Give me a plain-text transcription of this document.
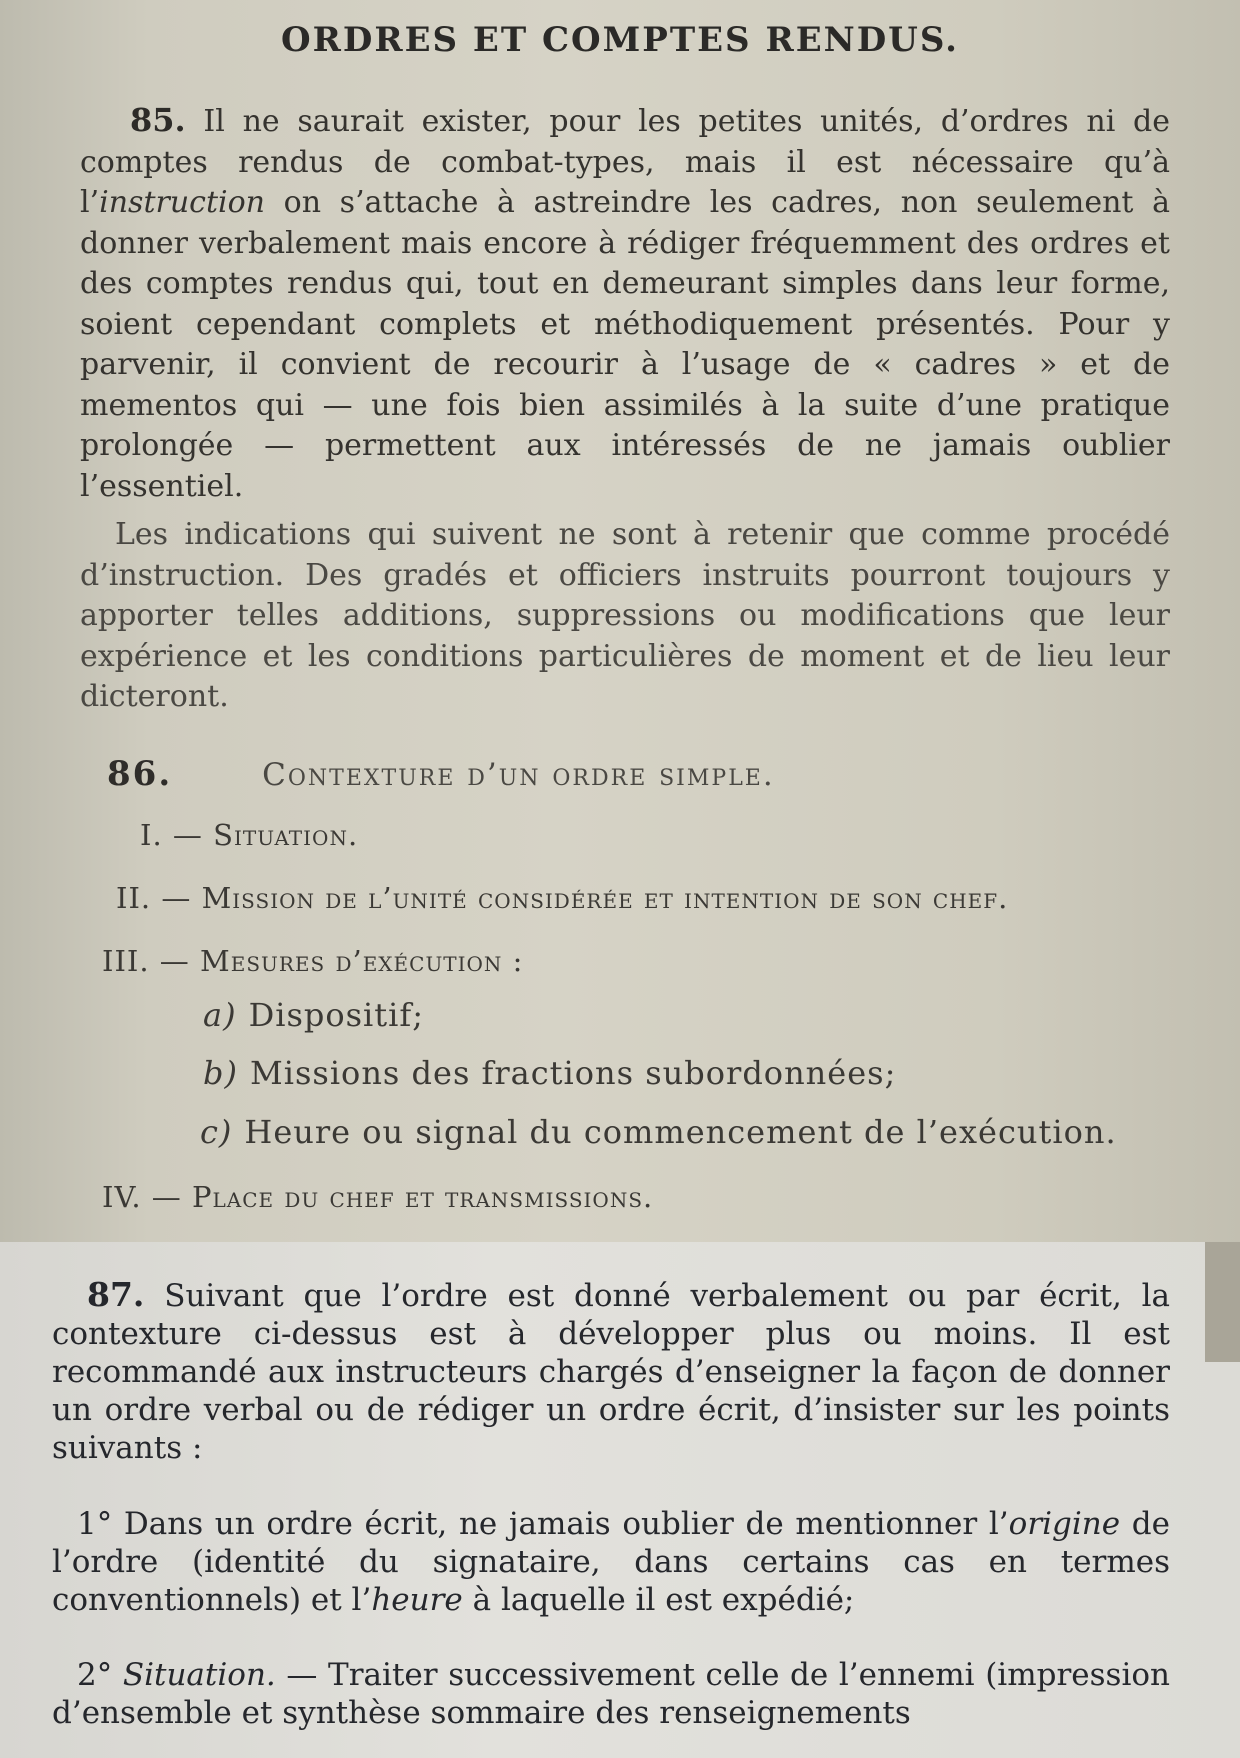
ORDRES ET COMPTES RENDUS.

85. Il ne saurait exister, pour les petites unités, d’ordres ni de comptes rendus de combat-types, mais il est nécessaire qu’à l’instruction on s’attache à astreindre les cadres, non seulement à donner verbalement mais encore à rédiger fréquemment des ordres et des comptes rendus qui, tout en demeurant simples dans leur forme, soient cependant complets et méthodiquement présentés. Pour y parvenir, il convient de recourir à l’usage de « cadres » et de mementos qui — une fois bien assimilés à la suite d’une pratique prolongée — permettent aux intéressés de ne jamais oublier l’essentiel.

Les indications qui suivent ne sont à retenir que comme procédé d’instruction. Des gradés et officiers instruits pourront toujours y apporter telles additions, suppressions ou modifications que leur expérience et les conditions particulières de moment et de lieu leur dicteront.

86.	Contexture d’un ordre simple.
I. — Situation.
II. — Mission de l’unité considérée et intention de son chef.
III. — Mesures d’exécution :
a) Dispositif;
b) Missions des fractions subordonnées;
c) Heure ou signal du commencement de l’exécution.
IV. — Place du chef et transmissions.

87. Suivant que l’ordre est donné verbalement ou par écrit, la contexture ci-dessus est à développer plus ou moins. Il est recommandé aux instructeurs chargés d’enseigner la façon de donner un ordre verbal ou de rédiger un ordre écrit, d’insister sur les points suivants :

1° Dans un ordre écrit, ne jamais oublier de mentionner l’origine de l’ordre (identité du signataire, dans certains cas en termes conventionnels) et l’heure à laquelle il est expédié;

2° Situation. — Traiter successivement celle de l’ennemi (impression d’ensemble et synthèse sommaire des renseignements
